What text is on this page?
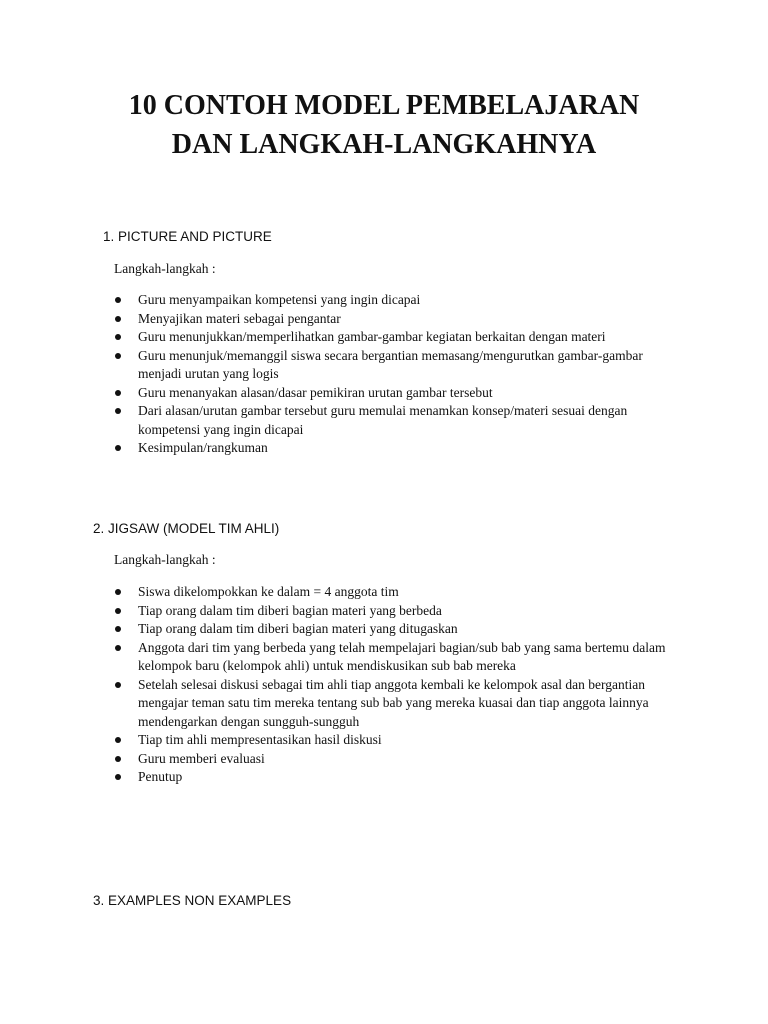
10 CONTOH MODEL PEMBELAJARAN
DAN LANGKAH-LANGKAHNYA

1. PICTURE AND PICTURE

Langkah-langkah :

Guru menyampaikan kompetensi yang ingin dicapai
Menyajikan materi sebagai pengantar
Guru menunjukkan/memperlihatkan gambar-gambar kegiatan berkaitan dengan materi
Guru menunjuk/memanggil siswa secara bergantian memasang/mengurutkan gambar-gambar menjadi urutan yang logis
Guru menanyakan alasan/dasar pemikiran urutan gambar tersebut
Dari alasan/urutan gambar tersebut guru memulai menamkan konsep/materi sesuai dengan kompetensi yang ingin dicapai
Kesimpulan/rangkuman

2. JIGSAW (MODEL TIM AHLI)

Langkah-langkah :

Siswa dikelompokkan ke dalam = 4 anggota tim
Tiap orang dalam tim diberi bagian materi yang berbeda
Tiap orang dalam tim diberi bagian materi yang ditugaskan
Anggota dari tim yang berbeda yang telah mempelajari bagian/sub bab yang sama bertemu dalam kelompok baru (kelompok ahli) untuk mendiskusikan sub bab mereka
Setelah selesai diskusi sebagai tim ahli tiap anggota kembali ke kelompok asal dan bergantian mengajar teman satu tim mereka tentang sub bab yang mereka kuasai dan tiap anggota lainnya mendengarkan dengan sungguh-sungguh
Tiap tim ahli mempresentasikan hasil diskusi
Guru memberi evaluasi
Penutup

3. EXAMPLES NON EXAMPLES
